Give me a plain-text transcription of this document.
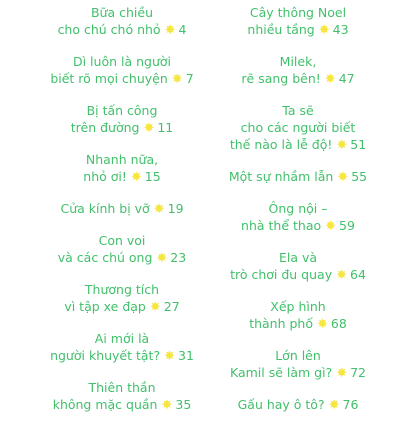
Bữa chiều
cho chú chó nhỏ ✸ 4
Dì luôn là người
biết rõ mọi chuyện ✸ 7
Bị tấn công
trên đường ✸ 11
Nhanh nữa,
nhỏ ơi! ✸ 15
Cửa kính bị vỡ ✸ 19
Con voi
và các chú ong ✸ 23
Thương tích
vì tập xe đạp ✸ 27
Ai mới là
người khuyết tật? ✸ 31
Thiên thần
không mặc quần ✸ 35
Cây thông Noel
nhiều tầng ✸ 43
Milek,
rẽ sang bên! ✸ 47
Ta sẽ
cho các người biết
thế nào là lễ độ! ✸ 51
Một sự nhầm lẫn ✸ 55
Ông nội –
nhà thể thao ✸ 59
Ela và
trò chơi đu quay ✸ 64
Xếp hình
thành phố ✸ 68
Lớn lên
Kamil sẽ làm gì? ✸ 72
Gấu hay ô tô? ✸ 76
